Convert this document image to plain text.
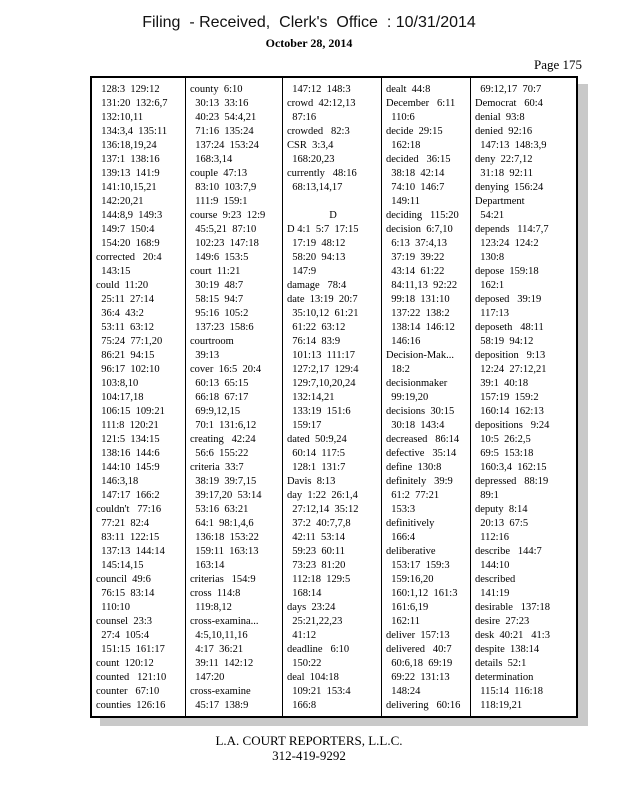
Filing  - Received,  Clerk's  Office  : 10/31/2014
October 28, 2014
Page 175
128:3  129:12
131:20  132:6,7
132:10,11
134:3,4  135:11
136:18,19,24
137:1  138:16
139:13  141:9
141:10,15,21
142:20,21
144:8,9  149:3
149:7  150:4
154:20  168:9
corrected   20:4
143:15
could  11:20
25:11  27:14
36:4  43:2
53:11  63:12
75:24  77:1,20
86:21  94:15
96:17  102:10
103:8,10
104:17,18
106:15  109:21
111:8  120:21
121:5  134:15
138:16  144:6
144:10  145:9
146:3,18
147:17  166:2
couldn't   77:16
77:21  82:4
83:11  122:15
137:13  144:14
145:14,15
council  49:6
76:15  83:14
110:10
counsel  23:3
27:4  105:4
151:15  161:17
count  120:12
counted   121:10
counter   67:10
counties  126:16
county  6:10
30:13  33:16
40:23  54:4,21
71:16  135:24
137:24  153:24
168:3,14
couple  47:13
83:10  103:7,9
111:9  159:1
course  9:23  12:9
45:5,21  87:10
102:23  147:18
149:6  153:5
court  11:21
30:19  48:7
58:15  94:7
95:16  105:2
137:23  158:6
courtroom
39:13
cover  16:5  20:4
60:13  65:15
66:18  67:17
69:9,12,15
70:1  131:6,12
creating   42:24
56:6  155:22
criteria  33:7
38:19  39:7,15
39:17,20  53:14
53:16  63:21
64:1  98:1,4,6
136:18  153:22
159:11  163:13
163:14
criterias   154:9
cross  114:8
119:8,12
cross-examina...
4:5,10,11,16
4:17  36:21
39:11  142:12
147:20
cross-examine
45:17  138:9
147:12  148:3
crowd  42:12,13
87:16
crowded   82:3
CSR  3:3,4
168:20,23
currently   48:16
68:13,14,17

D
D 4:1  5:7  17:15
17:19  48:12
58:20  94:13
147:9
damage   78:4
date  13:19  20:7
35:10,12  61:21
61:22  63:12
76:14  83:9
101:13  111:17
127:2,17  129:4
129:7,10,20,24
132:14,21
133:19  151:6
159:17
dated  50:9,24
60:14  117:5
128:1  131:7
Davis  8:13
day  1:22  26:1,4
27:12,14  35:12
37:2  40:7,7,8
42:11  53:14
59:23  60:11
73:23  81:20
112:18  129:5
168:14
days  23:24
25:21,22,23
41:12
deadline   6:10
150:22
deal  104:18
109:21  153:4
166:8
dealt  44:8
December   6:11
110:6
decide  29:15
162:18
decided   36:15
38:18  42:14
74:10  146:7
149:11
deciding   115:20
decision  6:7,10
6:13  37:4,13
37:19  39:22
43:14  61:22
84:11,13  92:22
99:18  131:10
137:22  138:2
138:14  146:12
146:16
Decision-Mak...
18:2
decisionmaker
99:19,20
decisions  30:15
30:18  143:4
decreased   86:14
defective   35:14
define  130:8
definitely   39:9
61:2  77:21
153:3
definitively
166:4
deliberative
153:17  159:3
159:16,20
160:1,12  161:3
161:6,19
162:11
deliver  157:13
delivered   40:7
60:6,18  69:19
69:22  131:13
148:24
delivering   60:16
69:12,17  70:7
Democrat   60:4
denial  93:8
denied  92:16
147:13  148:3,9
deny  22:7,12
31:18  92:11
denying  156:24
Department
54:21
depends   114:7,7
123:24  124:2
130:8
depose  159:18
162:1
deposed   39:19
117:13
deposeth   48:11
58:19  94:12
deposition   9:13
12:24  27:12,21
39:1  40:18
157:19  159:2
160:14  162:13
depositions   9:24
10:5  26:2,5
69:5  153:18
160:3,4  162:15
depressed   88:19
89:1
deputy  8:14
20:13  67:5
112:16
describe   144:7
144:10
described
141:19
desirable   137:18
desire  27:23
desk  40:21   41:3
despite  138:14
details  52:1
determination
115:14  116:18
118:19,21
L.A. COURT REPORTERS, L.L.C.
312-419-9292
